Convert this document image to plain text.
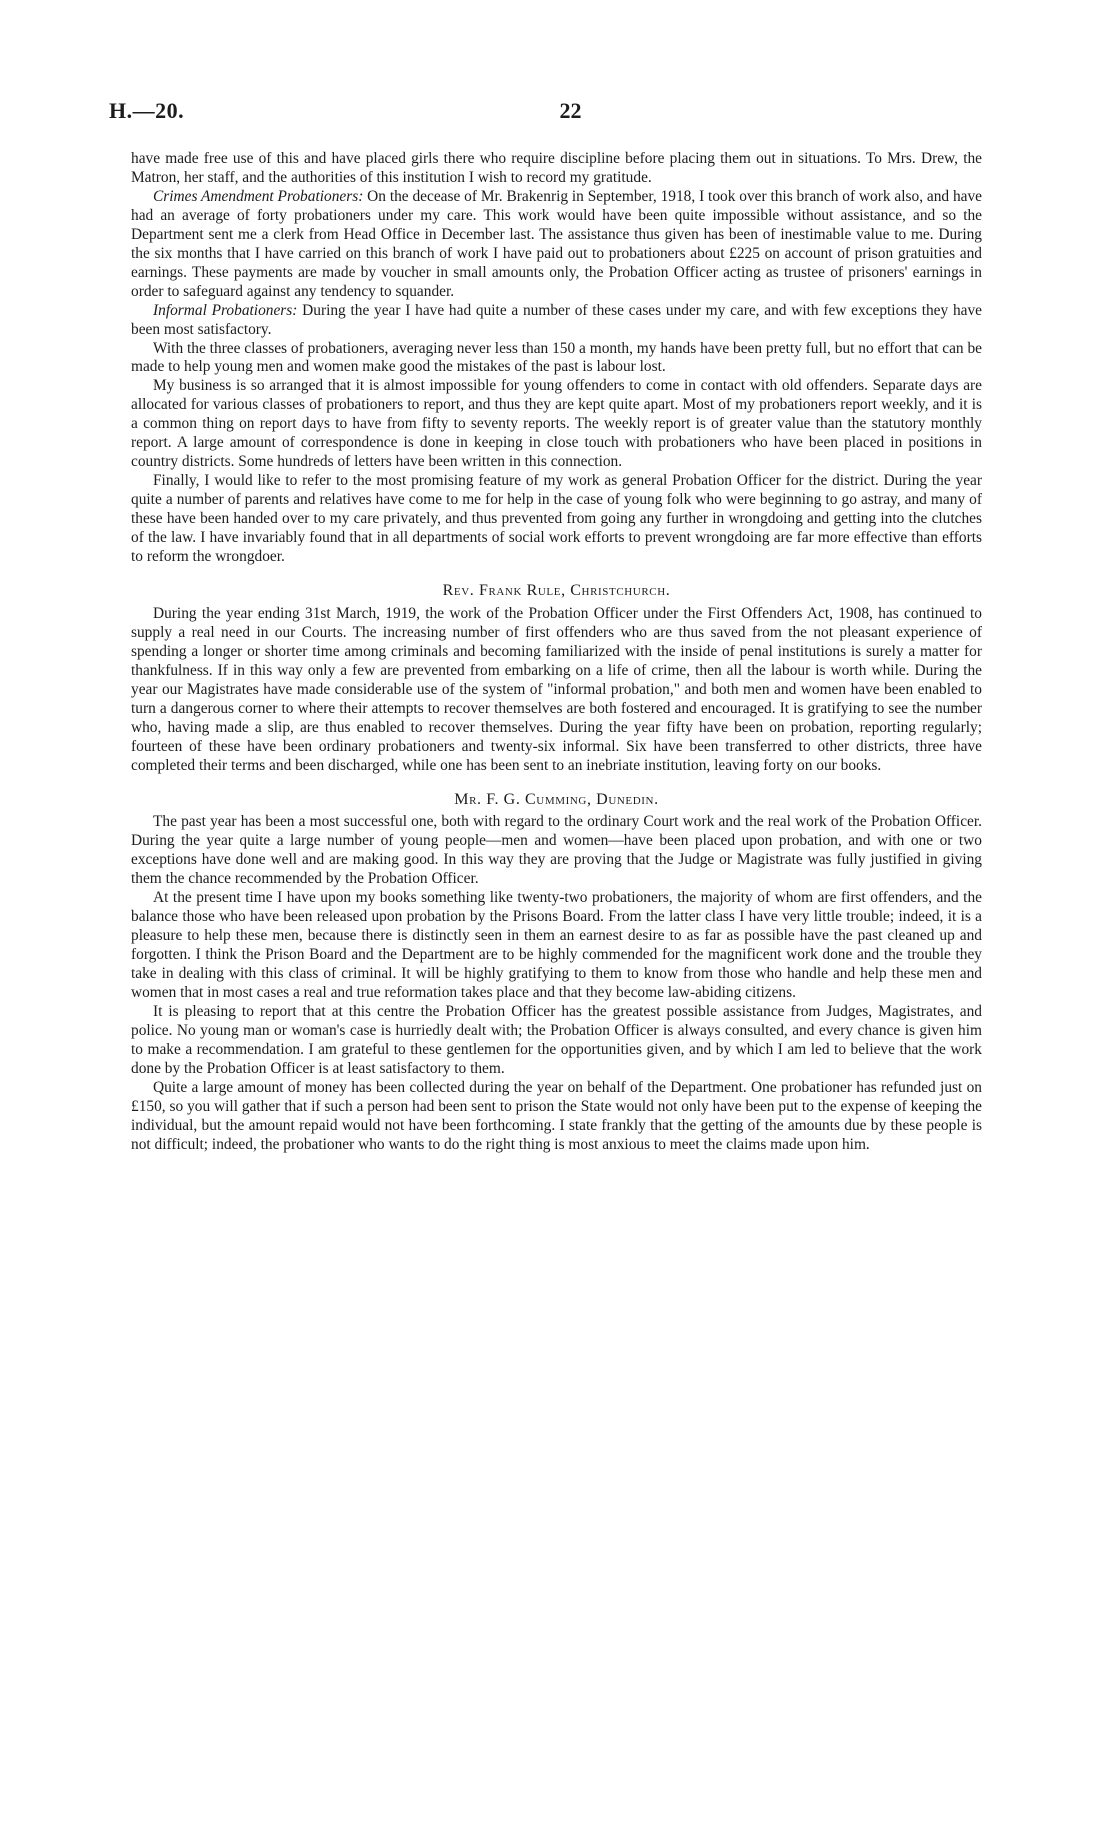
H.—20.	22

have made free use of this and have placed girls there who require discipline before placing them out in situations. To Mrs. Drew, the Matron, her staff, and the authorities of this institution I wish to record my gratitude.

Crimes Amendment Probationers: On the decease of Mr. Brakenrig in September, 1918, I took over this branch of work also, and have had an average of forty probationers under my care. This work would have been quite impossible without assistance, and so the Department sent me a clerk from Head Office in December last. The assistance thus given has been of inestimable value to me. During the six months that I have carried on this branch of work I have paid out to probationers about £225 on account of prison gratuities and earnings. These payments are made by voucher in small amounts only, the Probation Officer acting as trustee of prisoners' earnings in order to safeguard against any tendency to squander.

Informal Probationers: During the year I have had quite a number of these cases under my care, and with few exceptions they have been most satisfactory.

With the three classes of probationers, averaging never less than 150 a month, my hands have been pretty full, but no effort that can be made to help young men and women make good the mistakes of the past is labour lost.

My business is so arranged that it is almost impossible for young offenders to come in contact with old offenders. Separate days are allocated for various classes of probationers to report, and thus they are kept quite apart. Most of my probationers report weekly, and it is a common thing on report days to have from fifty to seventy reports. The weekly report is of greater value than the statutory monthly report. A large amount of correspondence is done in keeping in close touch with probationers who have been placed in positions in country districts. Some hundreds of letters have been written in this connection.

Finally, I would like to refer to the most promising feature of my work as general Probation Officer for the district. During the year quite a number of parents and relatives have come to me for help in the case of young folk who were beginning to go astray, and many of these have been handed over to my care privately, and thus prevented from going any further in wrongdoing and getting into the clutches of the law. I have invariably found that in all departments of social work efforts to prevent wrongdoing are far more effective than efforts to reform the wrongdoer.

Rev. Frank Rule, Christchurch.

During the year ending 31st March, 1919, the work of the Probation Officer under the First Offenders Act, 1908, has continued to supply a real need in our Courts. The increasing number of first offenders who are thus saved from the not pleasant experience of spending a longer or shorter time among criminals and becoming familiarized with the inside of penal institutions is surely a matter for thankfulness. If in this way only a few are prevented from embarking on a life of crime, then all the labour is worth while. During the year our Magistrates have made considerable use of the system of "informal probation," and both men and women have been enabled to turn a dangerous corner to where their attempts to recover themselves are both fostered and encouraged. It is gratifying to see the number who, having made a slip, are thus enabled to recover themselves. During the year fifty have been on probation, reporting regularly; fourteen of these have been ordinary probationers and twenty-six informal. Six have been transferred to other districts, three have completed their terms and been discharged, while one has been sent to an inebriate institution, leaving forty on our books.

Mr. F. G. Cumming, Dunedin.

The past year has been a most successful one, both with regard to the ordinary Court work and the real work of the Probation Officer. During the year quite a large number of young people—men and women—have been placed upon probation, and with one or two exceptions have done well and are making good. In this way they are proving that the Judge or Magistrate was fully justified in giving them the chance recommended by the Probation Officer.

At the present time I have upon my books something like twenty-two probationers, the majority of whom are first offenders, and the balance those who have been released upon probation by the Prisons Board. From the latter class I have very little trouble; indeed, it is a pleasure to help these men, because there is distinctly seen in them an earnest desire to as far as possible have the past cleaned up and forgotten. I think the Prison Board and the Department are to be highly commended for the magnificent work done and the trouble they take in dealing with this class of criminal. It will be highly gratifying to them to know from those who handle and help these men and women that in most cases a real and true reformation takes place and that they become law-abiding citizens.

It is pleasing to report that at this centre the Probation Officer has the greatest possible assistance from Judges, Magistrates, and police. No young man or woman's case is hurriedly dealt with; the Probation Officer is always consulted, and every chance is given him to make a recommendation. I am grateful to these gentlemen for the opportunities given, and by which I am led to believe that the work done by the Probation Officer is at least satisfactory to them.

Quite a large amount of money has been collected during the year on behalf of the Department. One probationer has refunded just on £150, so you will gather that if such a person had been sent to prison the State would not only have been put to the expense of keeping the individual, but the amount repaid would not have been forthcoming. I state frankly that the getting of the amounts due by these people is not difficult; indeed, the probationer who wants to do the right thing is most anxious to meet the claims made upon him.
